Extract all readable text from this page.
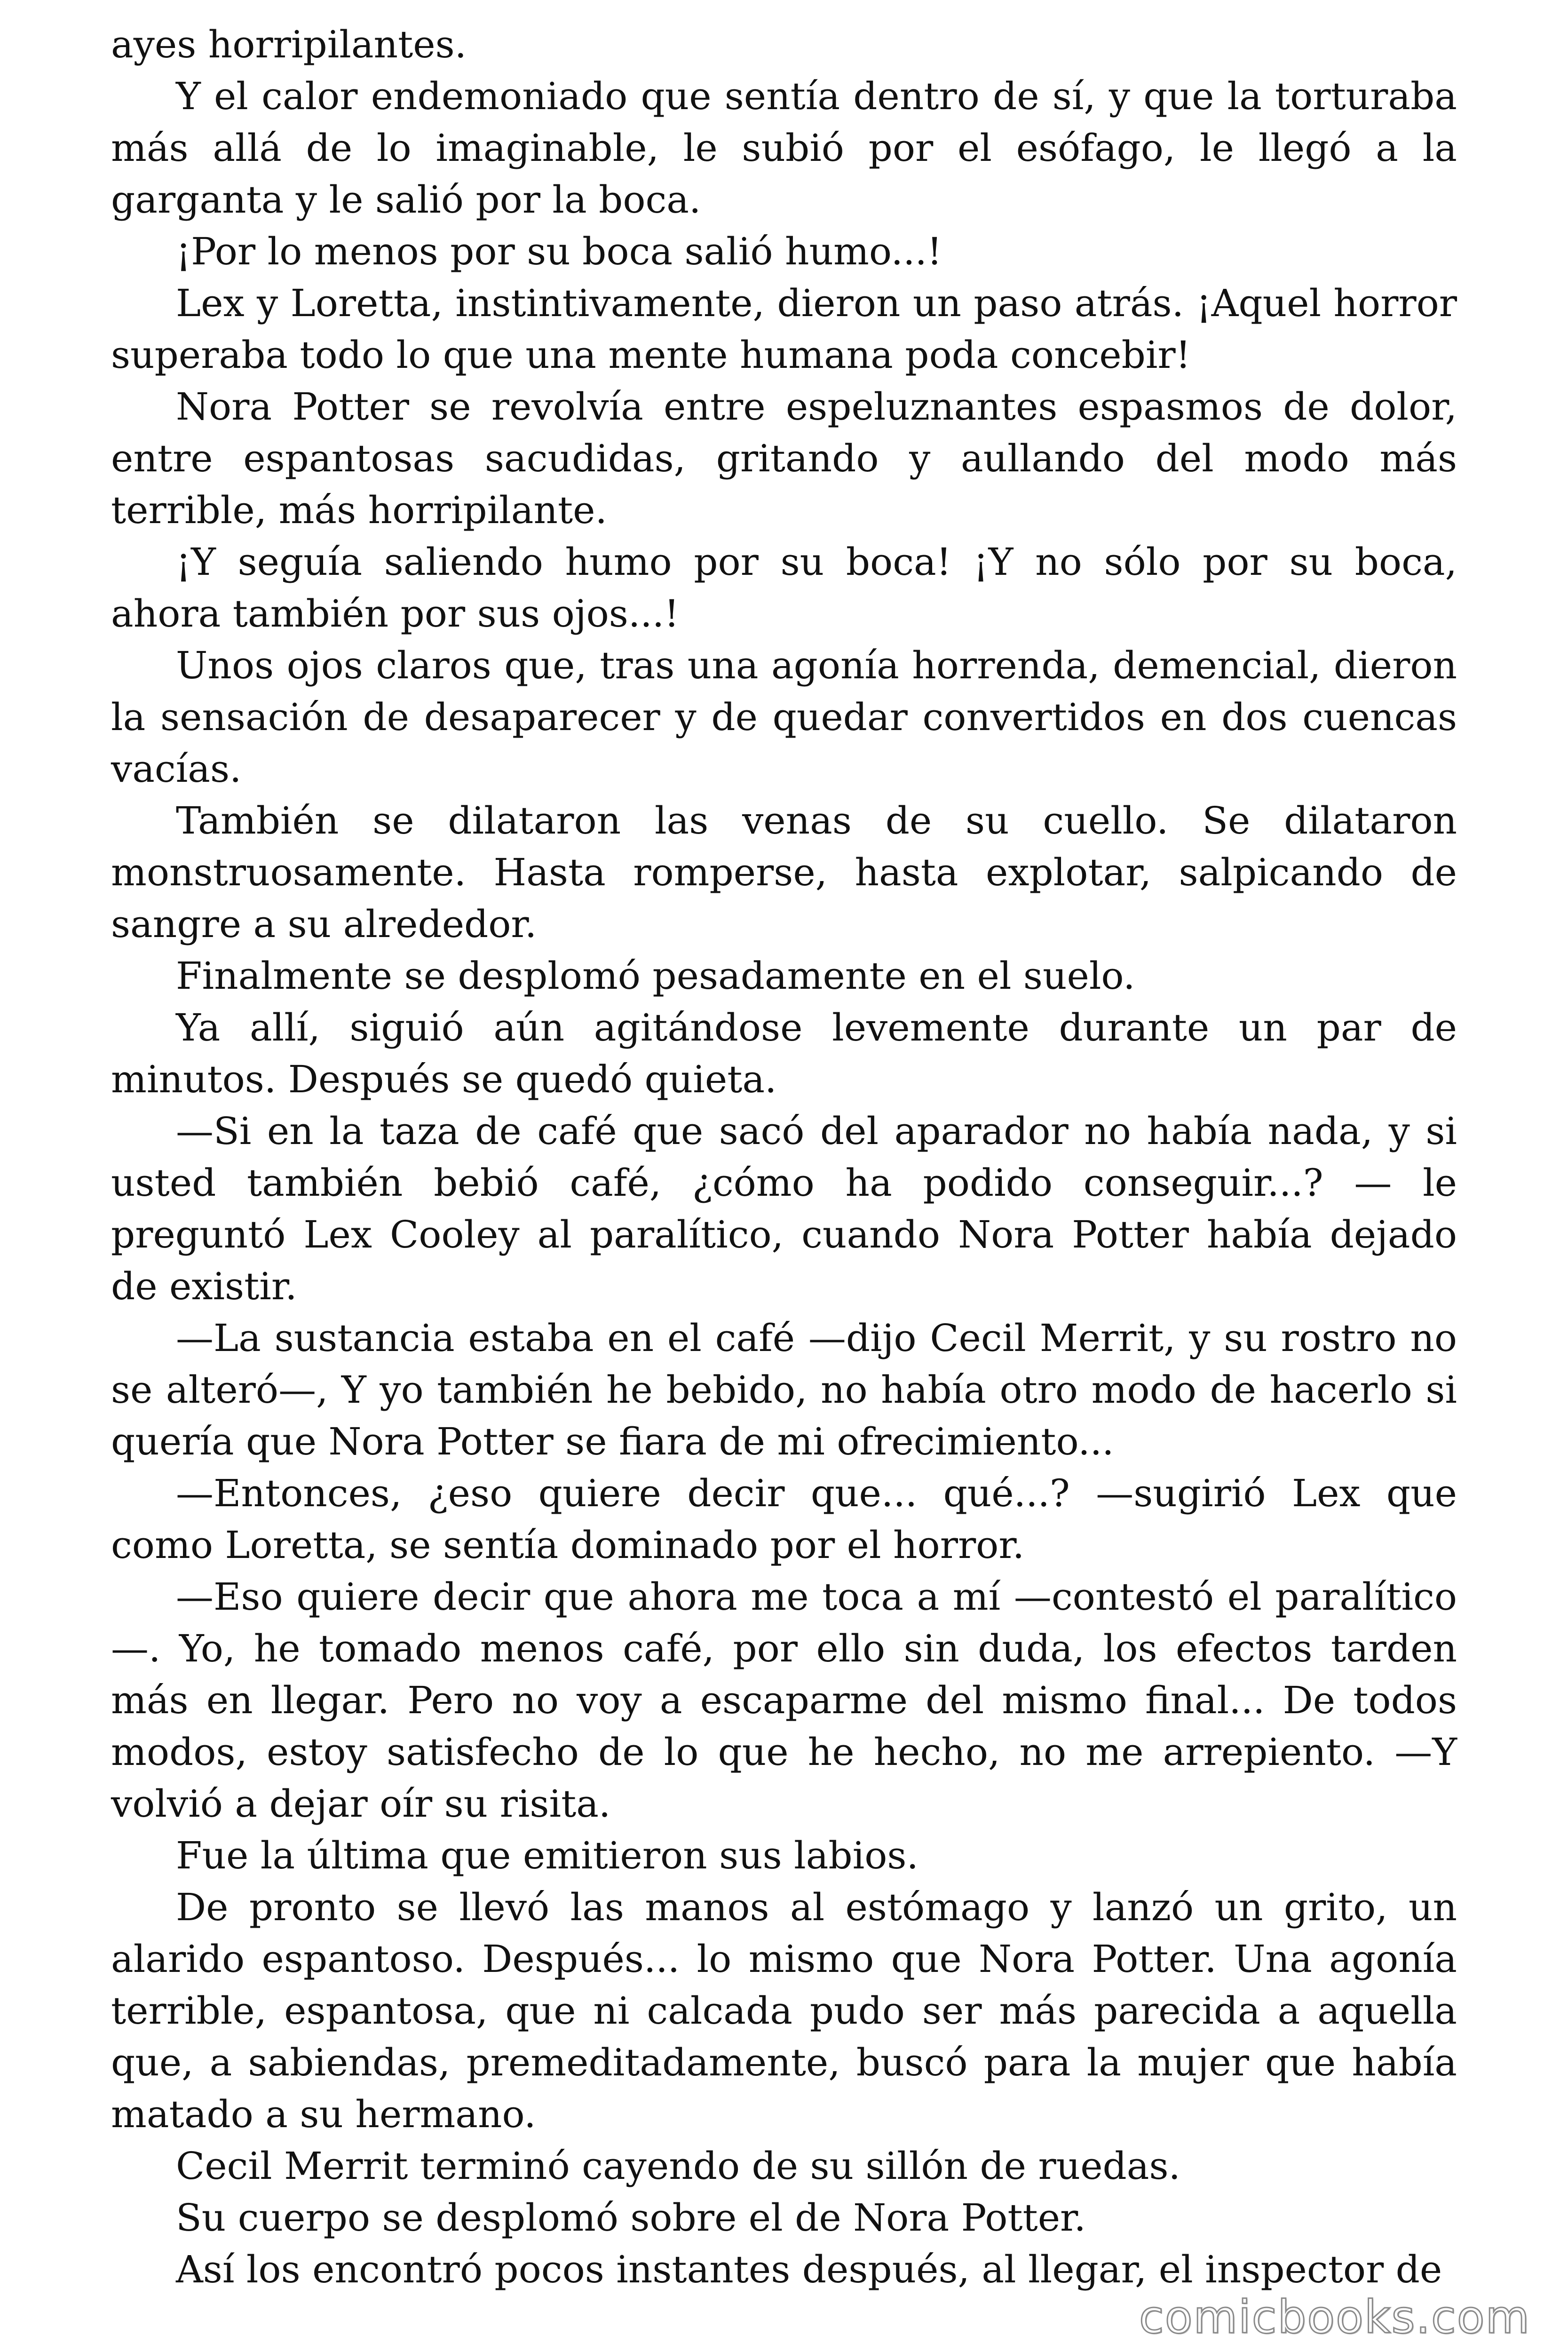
ayes horripilantes.

Y el calor endemoniado que sentía dentro de sí, y que la torturaba más allá de lo imaginable, le subió por el esófago, le llegó a la garganta y le salió por la boca.

¡Por lo menos por su boca salió humo...!

Lex y Loretta, instintivamente, dieron un paso atrás. ¡Aquel horror superaba todo lo que una mente humana poda concebir!

Nora Potter se revolvía entre espeluznantes espasmos de dolor, entre espantosas sacudidas, gritando y aullando del modo más terrible, más horripilante.

¡Y seguía saliendo humo por su boca! ¡Y no sólo por su boca, ahora también por sus ojos...!

Unos ojos claros que, tras una agonía horrenda, demencial, dieron la sensación de desaparecer y de quedar convertidos en dos cuencas vacías.

También se dilataron las venas de su cuello. Se dilataron monstruosamente. Hasta romperse, hasta explotar, salpicando de sangre a su alrededor.

Finalmente se desplomó pesadamente en el suelo.

Ya allí, siguió aún agitándose levemente durante un par de minutos. Después se quedó quieta.

—Si en la taza de café que sacó del aparador no había nada, y si usted también bebió café, ¿cómo ha podido conseguir...? — le preguntó Lex Cooley al paralítico, cuando Nora Potter había dejado de existir.

—La sustancia estaba en el café —dijo Cecil Merrit, y su rostro no se alteró—, Y yo también he bebido, no había otro modo de hacerlo si quería que Nora Potter se fiara de mi ofrecimiento...

—Entonces, ¿eso quiere decir que... qué...? —sugirió Lex que como Loretta, se sentía dominado por el horror.

—Eso quiere decir que ahora me toca a mí —contestó el paralítico —. Yo, he tomado menos café, por ello sin duda, los efectos tarden más en llegar. Pero no voy a escaparme del mismo final... De todos modos, estoy satisfecho de lo que he hecho, no me arrepiento. —Y volvió a dejar oír su risita.

Fue la última que emitieron sus labios.

De pronto se llevó las manos al estómago y lanzó un grito, un alarido espantoso. Después... lo mismo que Nora Potter. Una agonía terrible, espantosa, que ni calcada pudo ser más parecida a aquella que, a sabiendas, premeditadamente, buscó para la mujer que había matado a su hermano.

Cecil Merrit terminó cayendo de su sillón de ruedas.

Su cuerpo se desplomó sobre el de Nora Potter.

Así los encontró pocos instantes después, al llegar, el inspector de

comicbooks.com
